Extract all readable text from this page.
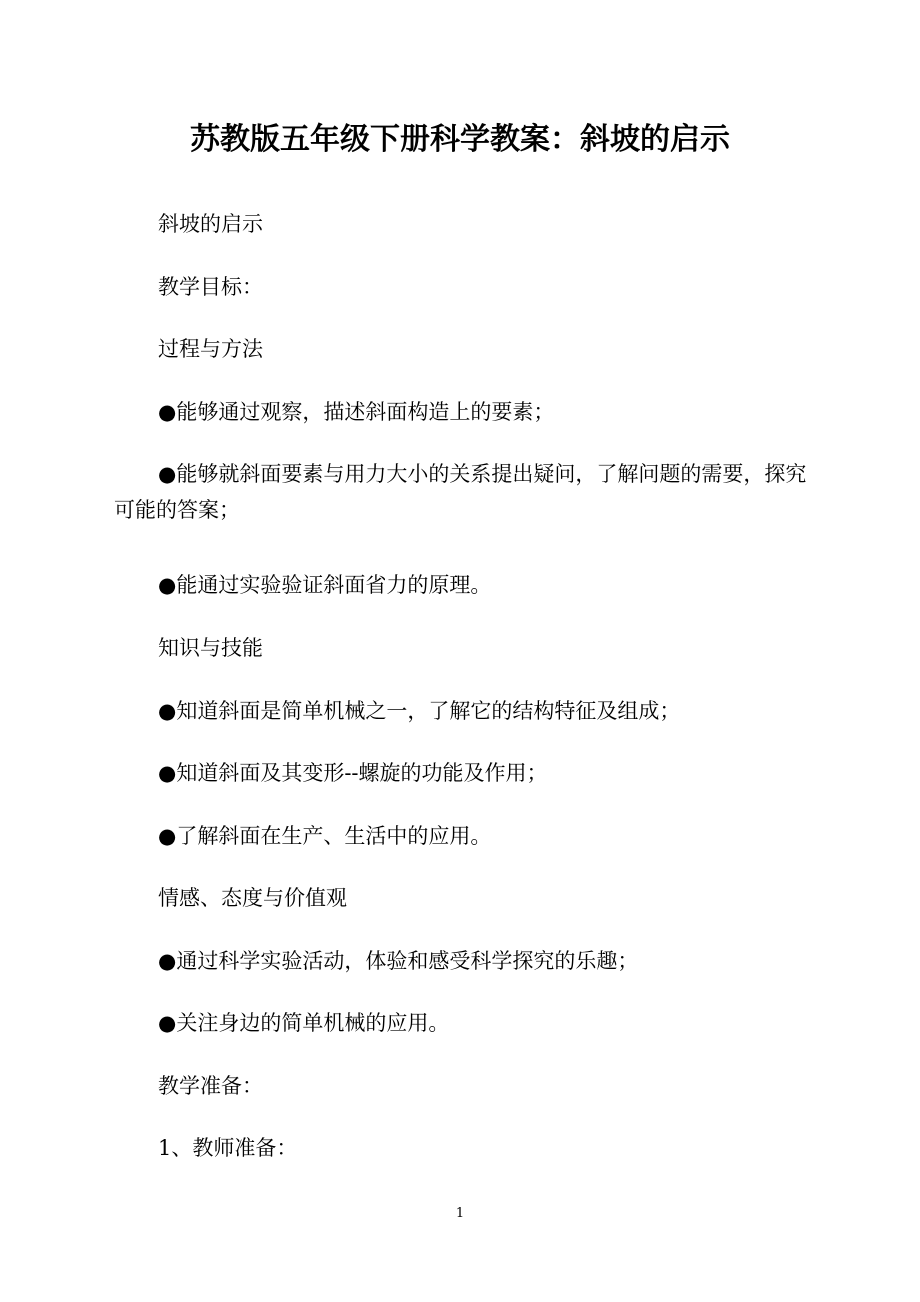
苏教版五年级下册科学教案：斜坡的启示

斜坡的启示

教学目标：

过程与方法

●能够通过观察，描述斜面构造上的要素；

●能够就斜面要素与用力大小的关系提出疑问，了解问题的需要，探究可能的答案；

●能通过实验验证斜面省力的原理。

知识与技能

●知道斜面是简单机械之一，了解它的结构特征及组成；

●知道斜面及其变形--螺旋的功能及作用；

●了解斜面在生产、生活中的应用。

情感、态度与价值观

●通过科学实验活动，体验和感受科学探究的乐趣；

●关注身边的简单机械的应用。

教学准备：

1、教师准备：

1
